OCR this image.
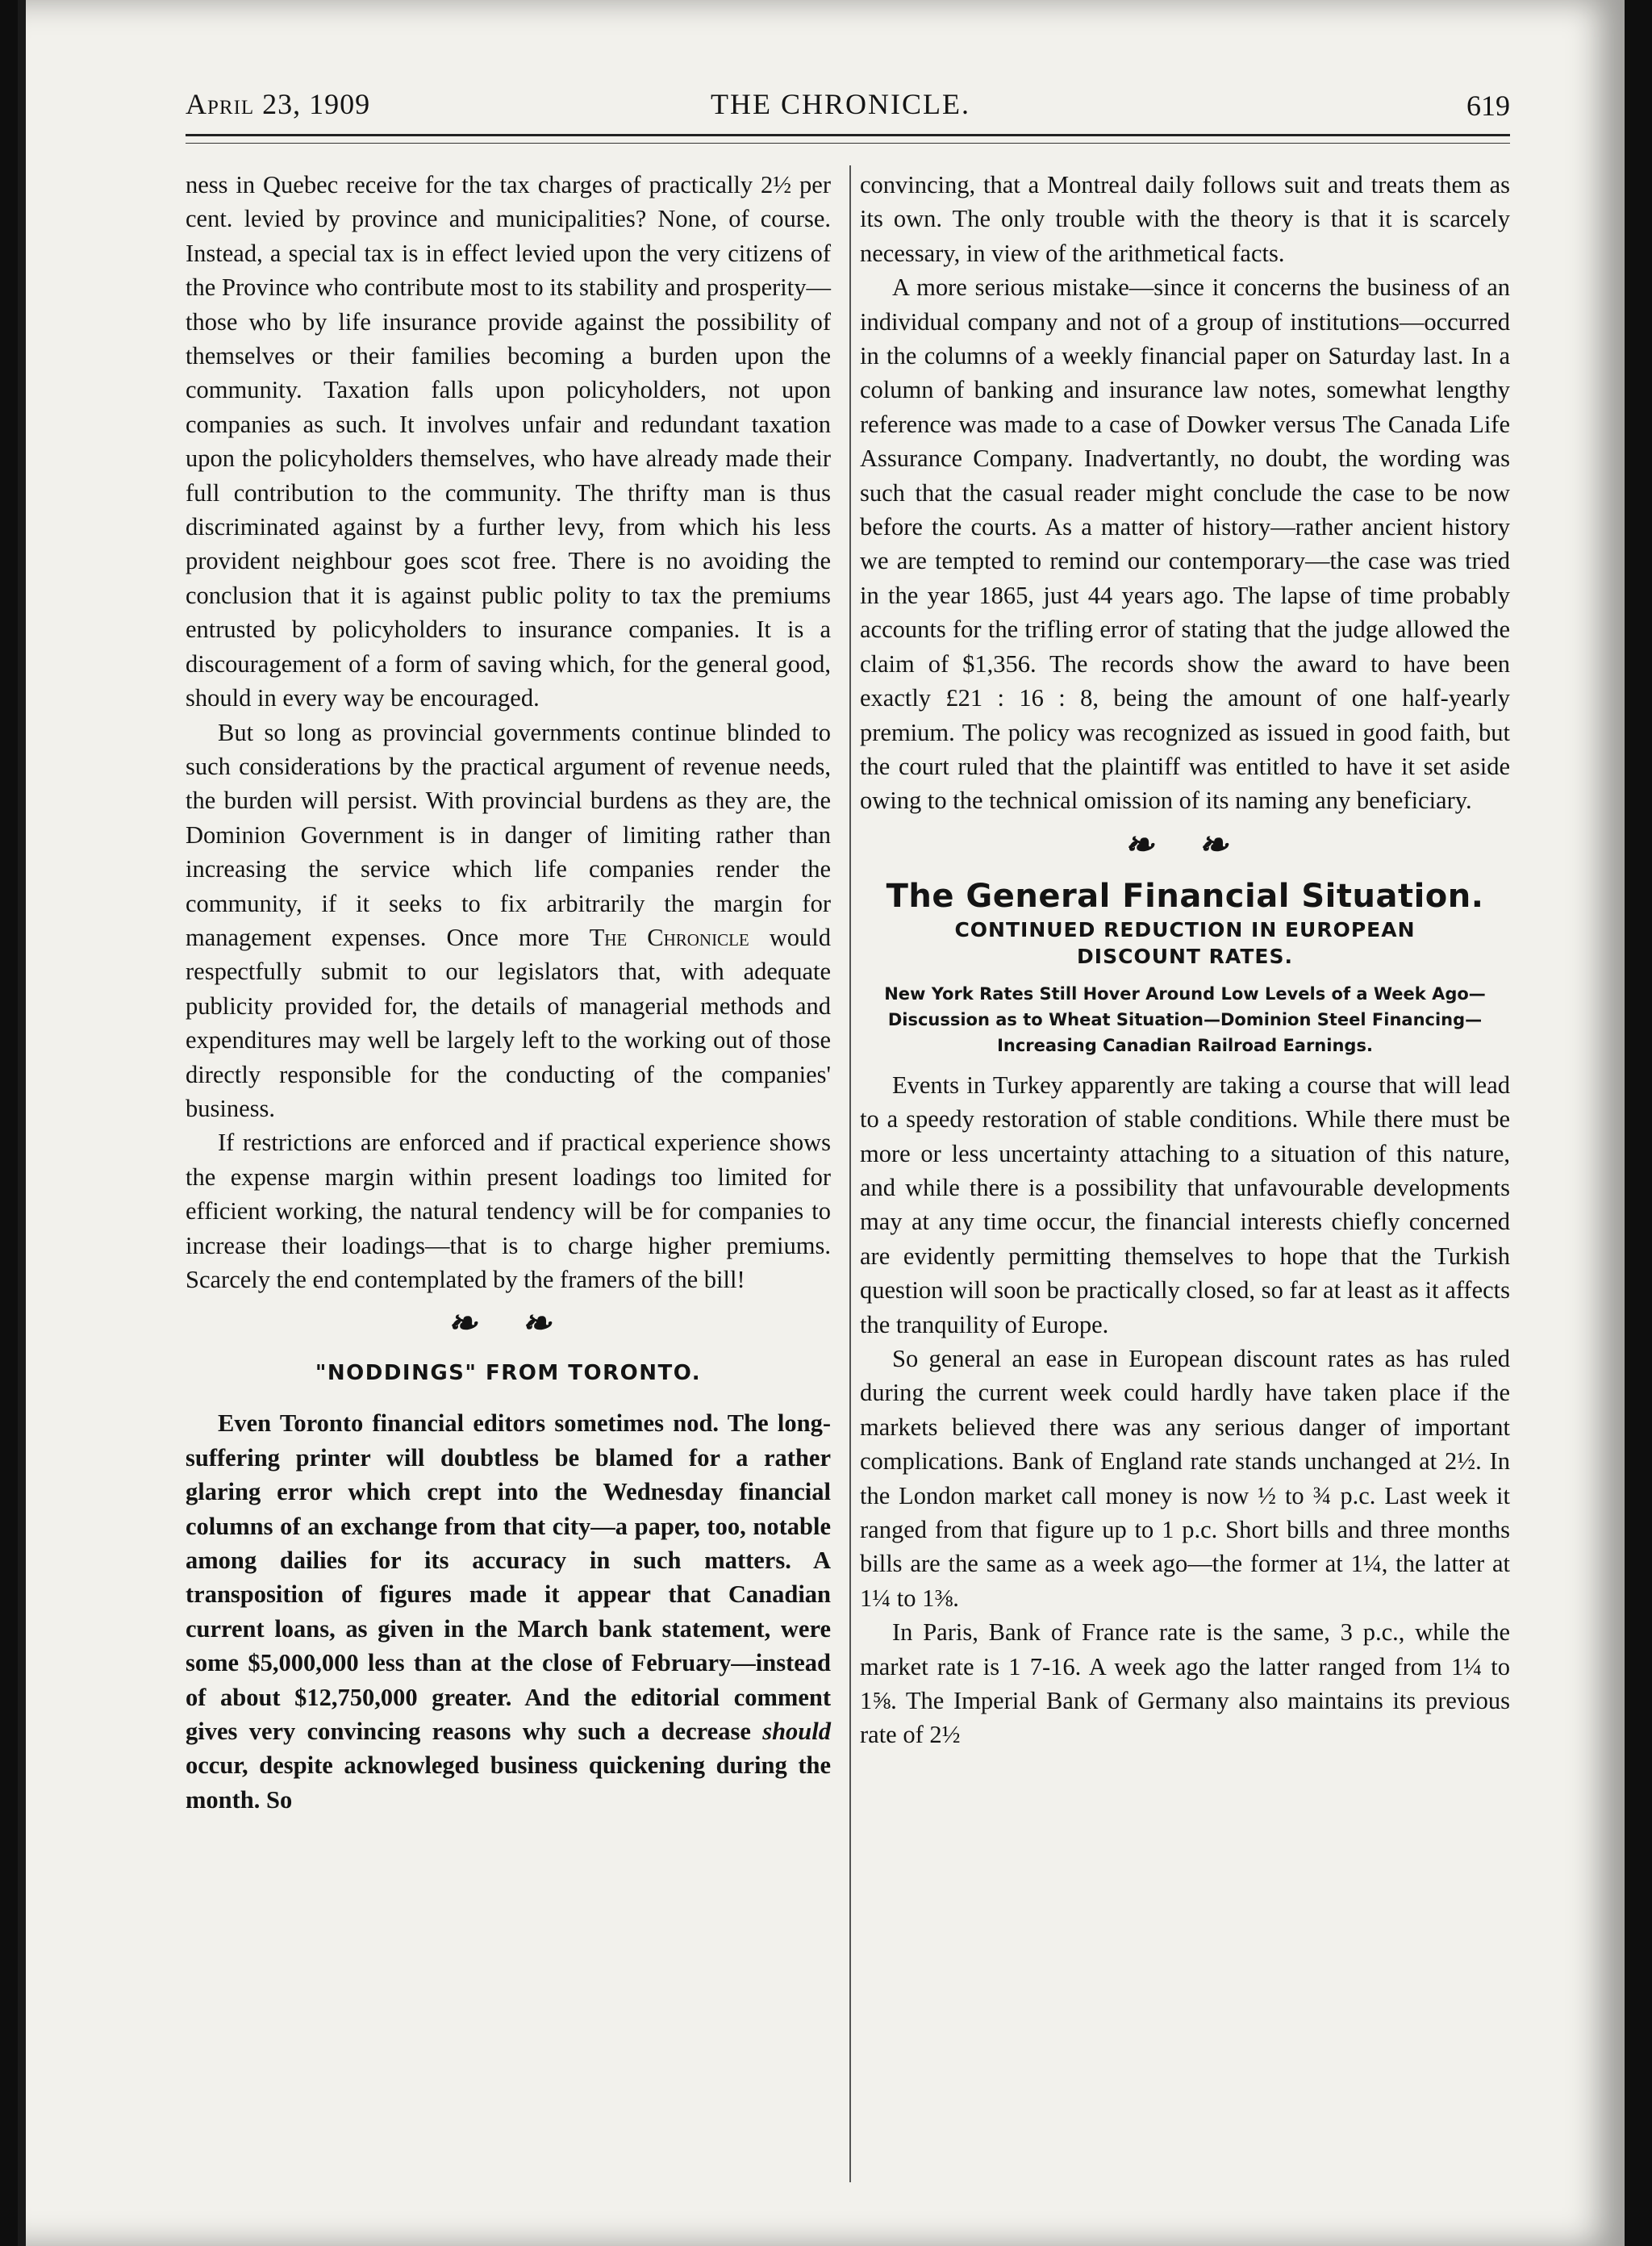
April 23, 1909	THE CHRONICLE.	619

ness in Quebec receive for the tax charges of practically 2½ per cent. levied by province and municipalities? None, of course. Instead, a special tax is in effect levied upon the very citizens of the Province who contribute most to its stability and prosperity—those who by life insurance provide against the possibility of themselves or their families becoming a burden upon the community. Taxation falls upon policyholders, not upon companies as such. It involves unfair and redundant taxation upon the policyholders themselves, who have already made their full contribution to the community. The thrifty man is thus discriminated against by a further levy, from which his less provident neighbour goes scot free. There is no avoiding the conclusion that it is against public polity to tax the premiums entrusted by policyholders to insurance companies. It is a discouragement of a form of saving which, for the general good, should in every way be encouraged.

But so long as provincial governments continue blinded to such considerations by the practical argument of revenue needs, the burden will persist. With provincial burdens as they are, the Dominion Government is in danger of limiting rather than increasing the service which life companies render the community, if it seeks to fix arbitrarily the margin for management expenses. Once more The Chronicle would respectfully submit to our legislators that, with adequate publicity provided for, the details of managerial methods and expenditures may well be largely left to the working out of those directly responsible for the conducting of the companies' business.

If restrictions are enforced and if practical experience shows the expense margin within present loadings too limited for efficient working, the natural tendency will be for companies to increase their loadings—that is to charge higher premiums. Scarcely the end contemplated by the framers of the bill!

❧ ❧
"NODDINGS" FROM TORONTO.

Even Toronto financial editors sometimes nod. The long-suffering printer will doubtless be blamed for a rather glaring error which crept into the Wednesday financial columns of an exchange from that city—a paper, too, notable among dailies for its accuracy in such matters. A transposition of figures made it appear that Canadian current loans, as given in the March bank statement, were some $5,000,000 less than at the close of February—instead of about $12,750,000 greater. And the editorial comment gives very convincing reasons why such a decrease should occur, despite acknowleged business quickening during the month. So

convincing, that a Montreal daily follows suit and treats them as its own. The only trouble with the theory is that it is scarcely necessary, in view of the arithmetical facts.

A more serious mistake—since it concerns the business of an individual company and not of a group of institutions—occurred in the columns of a weekly financial paper on Saturday last. In a column of banking and insurance law notes, somewhat lengthy reference was made to a case of Dowker versus The Canada Life Assurance Company. Inadvertantly, no doubt, the wording was such that the casual reader might conclude the case to be now before the courts. As a matter of history—rather ancient history we are tempted to remind our contemporary—the case was tried in the year 1865, just 44 years ago. The lapse of time probably accounts for the trifling error of stating that the judge allowed the claim of $1,356. The records show the award to have been exactly £21 : 16 : 8, being the amount of one half-yearly premium. The policy was recognized as issued in good faith, but the court ruled that the plaintiff was entitled to have it set aside owing to the technical omission of its naming any beneficiary.

❧ ❧
The General Financial Situation.
CONTINUED REDUCTION IN EUROPEAN
DISCOUNT RATES.
New York Rates Still Hover Around Low Levels of a Week Ago—Discussion as to Wheat Situation—Dominion Steel Financing—Increasing Canadian Railroad Earnings.

Events in Turkey apparently are taking a course that will lead to a speedy restoration of stable conditions. While there must be more or less uncertainty attaching to a situation of this nature, and while there is a possibility that unfavourable developments may at any time occur, the financial interests chiefly concerned are evidently permitting themselves to hope that the Turkish question will soon be practically closed, so far at least as it affects the tranquility of Europe.

So general an ease in European discount rates as has ruled during the current week could hardly have taken place if the markets believed there was any serious danger of important complications. Bank of England rate stands unchanged at 2½. In the London market call money is now ½ to ¾ p.c. Last week it ranged from that figure up to 1 p.c. Short bills and three months bills are the same as a week ago—the former at 1¼, the latter at 1¼ to 1⅜.

In Paris, Bank of France rate is the same, 3 p.c., while the market rate is 1 7-16. A week ago the latter ranged from 1¼ to 1⅝. The Imperial Bank of Germany also maintains its previous rate of 2½
